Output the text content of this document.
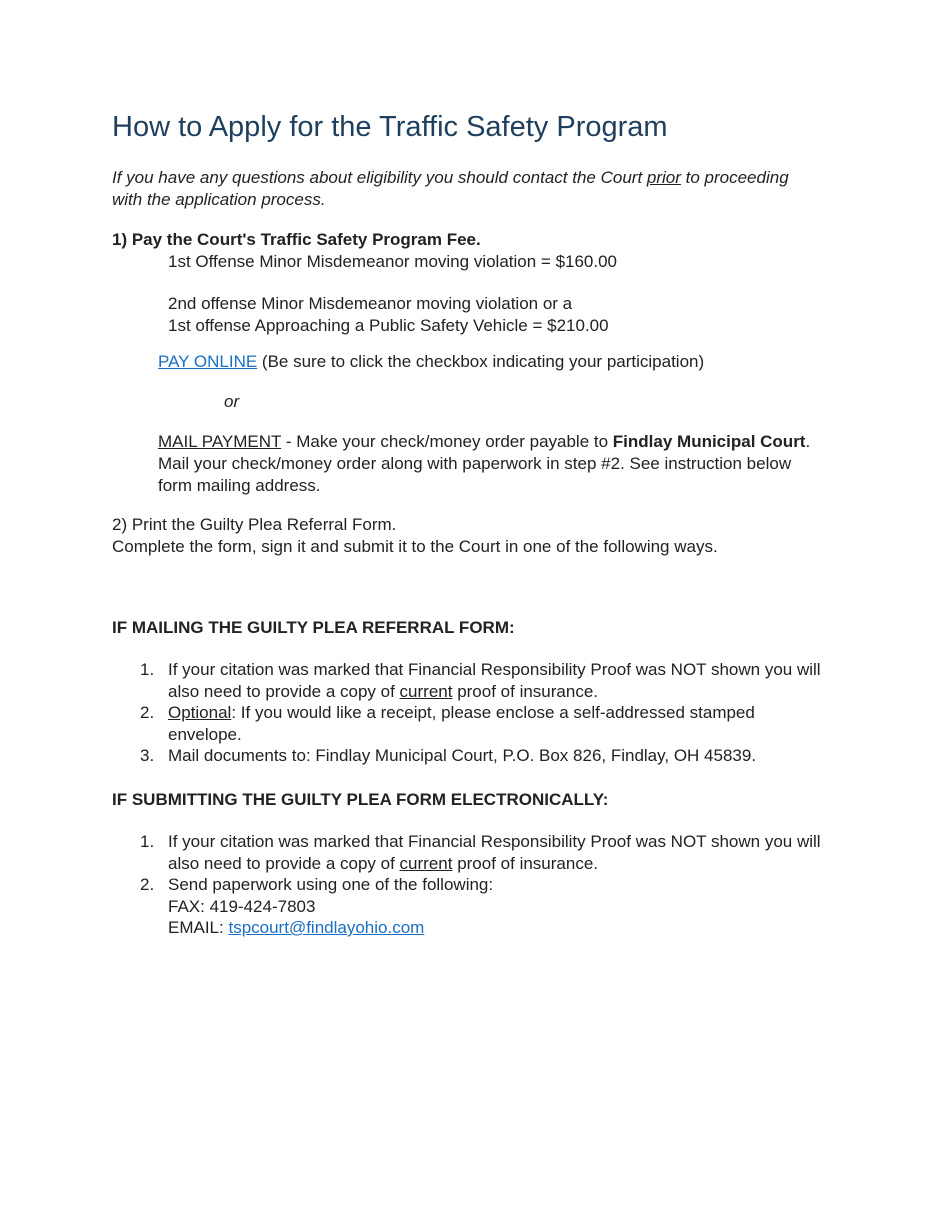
How to Apply for the Traffic Safety Program
If you have any questions about eligibility you should contact the Court prior to proceeding with the application process.
1) Pay the Court's Traffic Safety Program Fee.
1st Offense Minor Misdemeanor moving violation = $160.00
2nd offense Minor Misdemeanor moving violation or a
1st offense Approaching a Public Safety Vehicle = $210.00
PAY ONLINE (Be sure to click the checkbox indicating your participation)
or
MAIL PAYMENT - Make your check/money order payable to Findlay Municipal Court. Mail your check/money order along with paperwork in step #2. See instruction below form mailing address.
2) Print the Guilty Plea Referral Form.
Complete the form, sign it and submit it to the Court in one of the following ways.
IF MAILING THE GUILTY PLEA REFERRAL FORM:
1. If your citation was marked that Financial Responsibility Proof was NOT shown you will also need to provide a copy of current proof of insurance.
2. Optional: If you would like a receipt, please enclose a self-addressed stamped envelope.
3. Mail documents to: Findlay Municipal Court, P.O. Box 826, Findlay, OH 45839.
IF SUBMITTING THE GUILTY PLEA FORM ELECTRONICALLY:
1. If your citation was marked that Financial Responsibility Proof was NOT shown you will also need to provide a copy of current proof of insurance.
2. Send paperwork using one of the following:
FAX: 419-424-7803
EMAIL: tspcourt@findlayohio.com
